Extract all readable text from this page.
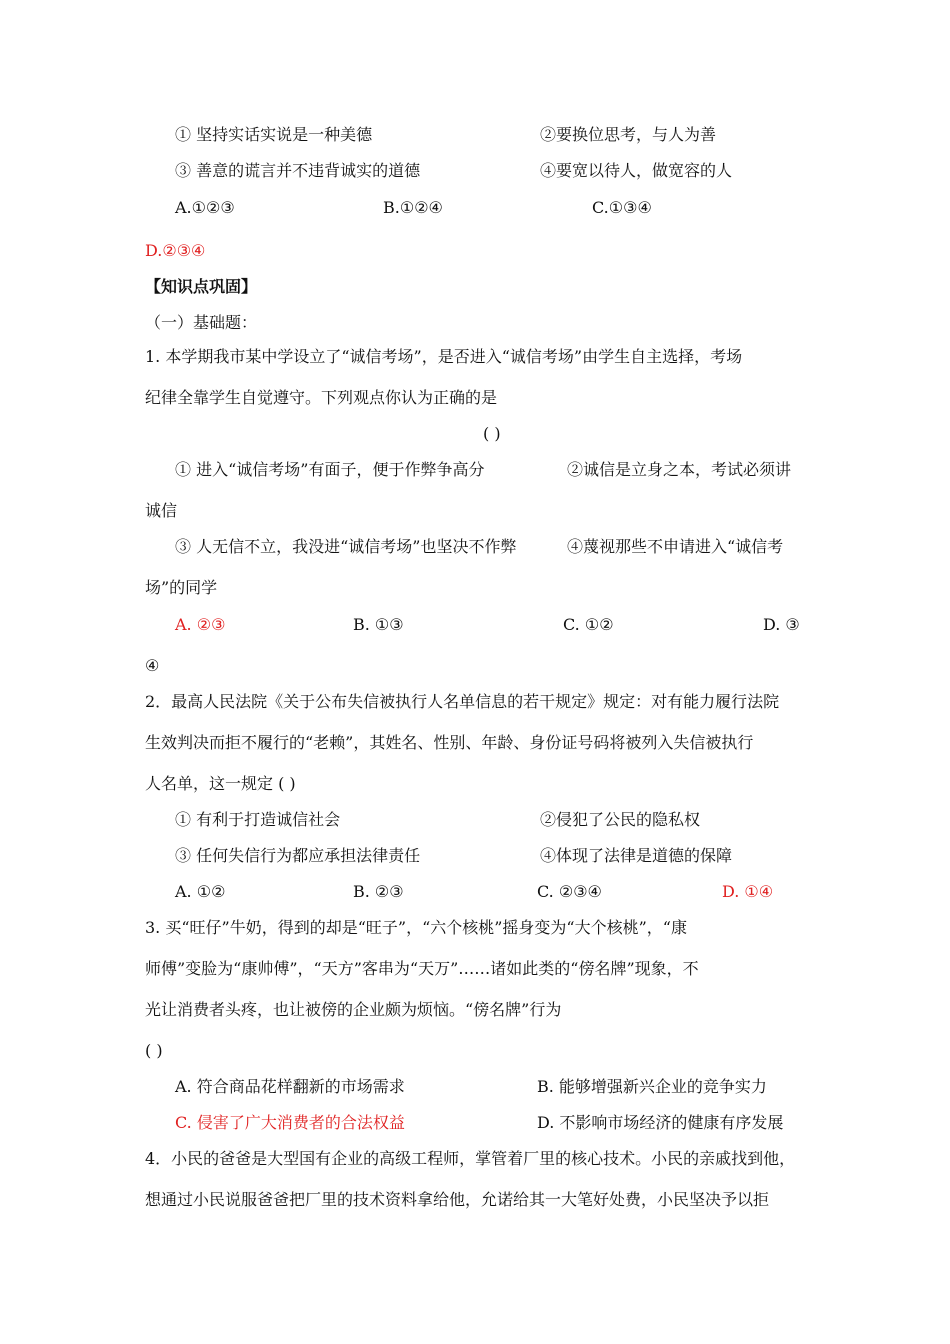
① 坚持实话实说是一种美德	②要换位思考，与人为善
③ 善意的谎言并不违背诚实的道德	④要宽以待人，做宽容的人
A.①②③	B.①②④	C.①③④
D.②③④
【知识点巩固】
（一）基础题：
1. 本学期我市某中学设立了“诚信考场”，是否进入“诚信考场”由学生自主选择，考场
纪律全靠学生自觉遵守。下列观点你认为正确的是
( )
① 进入“诚信考场”有面子，便于作弊争高分	②诚信是立身之本，考试必须讲
诚信
③ 人无信不立，我没进“诚信考场”也坚决不作弊	④蔑视那些不申请进入“诚信考
场”的同学
A. ②③	B. ①③	C. ①②	D. ③
④
2．最高人民法院《关于公布失信被执行人名单信息的若干规定》规定：对有能力履行法院
生效判决而拒不履行的“老赖”，其姓名、性别、年龄、身份证号码将被列入失信被执行
人名单，这一规定 ( )
① 有利于打造诚信社会	②侵犯了公民的隐私权
③ 任何失信行为都应承担法律责任	④体现了法律是道德的保障
A. ①②	B. ②③	C. ②③④	D. ①④
3. 买“旺仔”牛奶，得到的却是“旺子”，“六个核桃”摇身变为“大个核桃”，“康
师傅”变脸为“康帅傅”，“天方”客串为“天万”……诸如此类的“傍名牌”现象，不
光让消费者头疼，也让被傍的企业颇为烦恼。“傍名牌”行为
( )
A. 符合商品花样翻新的市场需求	B. 能够增强新兴企业的竞争实力
C. 侵害了广大消费者的合法权益	D. 不影响市场经济的健康有序发展
4．小民的爸爸是大型国有企业的高级工程师，掌管着厂里的核心技术。小民的亲戚找到他，
想通过小民说服爸爸把厂里的技术资料拿给他，允诺给其一大笔好处费，小民坚决予以拒
